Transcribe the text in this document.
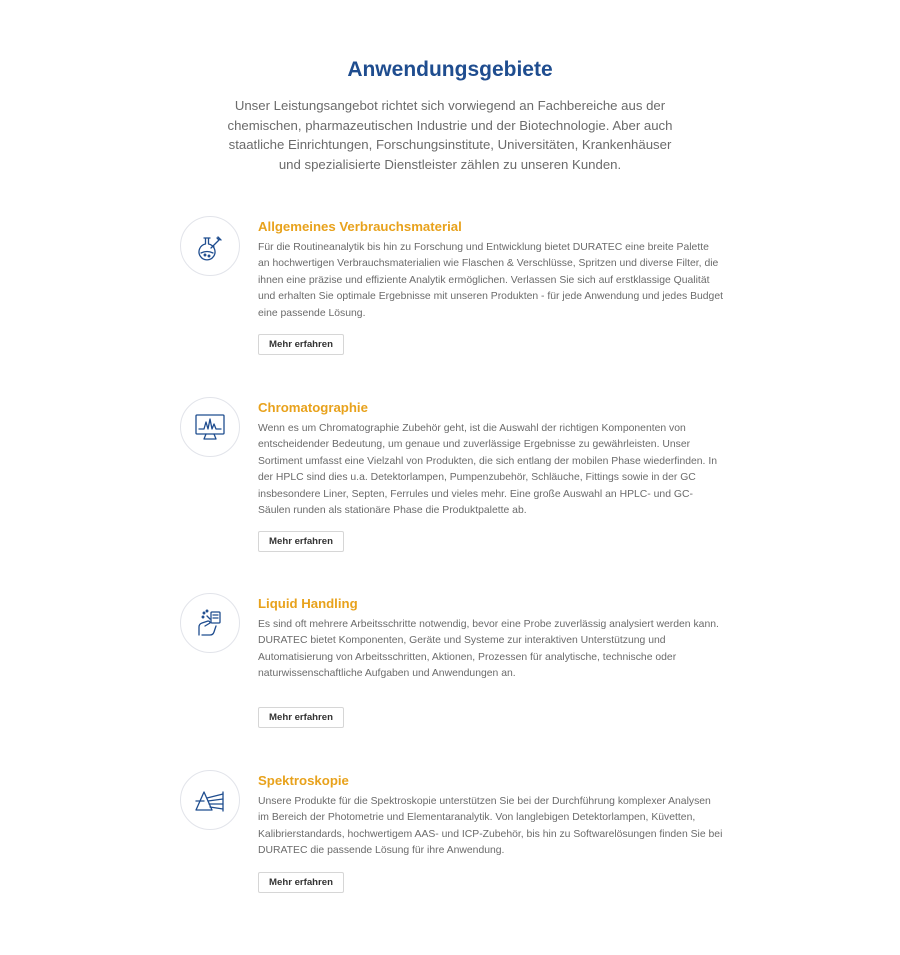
Anwendungsgebiete

Unser Leistungsangebot richtet sich vorwiegend an Fachbereiche aus der chemischen, pharmazeutischen Industrie und der Biotechnologie. Aber auch staatliche Einrichtungen, Forschungsinstitute, Universitäten, Krankenhäuser und spezialisierte Dienstleister zählen zu unseren Kunden.

Allgemeines Verbrauchsmaterial

Für die Routineanalytik bis hin zu Forschung und Entwicklung bietet DURATEC eine breite Palette an hochwertigen Verbrauchsmaterialien wie Flaschen & Verschlüsse, Spritzen und diverse Filter, die ihnen eine präzise und effiziente Analytik ermöglichen. Verlassen Sie sich auf erstklassige Qualität und erhalten Sie optimale Ergebnisse mit unseren Produkten - für jede Anwendung und jedes Budget eine passende Lösung.

Mehr erfahren
Chromatographie

Wenn es um Chromatographie Zubehör geht, ist die Auswahl der richtigen Komponenten von entscheidender Bedeutung, um genaue und zuverlässige Ergebnisse zu gewährleisten. Unser Sortiment umfasst eine Vielzahl von Produkten, die sich entlang der mobilen Phase wiederfinden. In der HPLC sind dies u.a. Detektorlampen, Pumpenzubehör, Schläuche, Fittings sowie in der GC insbesondere Liner, Septen, Ferrules und vieles mehr. Eine große Auswahl an HPLC- und GC-Säulen runden als stationäre Phase die Produktpalette ab.

Mehr erfahren
Liquid Handling

Es sind oft mehrere Arbeitsschritte notwendig, bevor eine Probe zuverlässig analysiert werden kann. DURATEC bietet Komponenten, Geräte und Systeme zur interaktiven Unterstützung und Automatisierung von Arbeitsschritten, Aktionen, Prozessen für analytische, technische oder naturwissenschaftliche Aufgaben und Anwendungen an.

Mehr erfahren
Spektroskopie

Unsere Produkte für die Spektroskopie unterstützen Sie bei der Durchführung komplexer Analysen im Bereich der Photometrie und Elementaranalytik. Von langlebigen Detektorlampen, Küvetten, Kalibrierstandards, hochwertigem AAS- und ICP-Zubehör, bis hin zu Softwarelösungen finden Sie bei DURATEC die passende Lösung für ihre Anwendung.

Mehr erfahren
